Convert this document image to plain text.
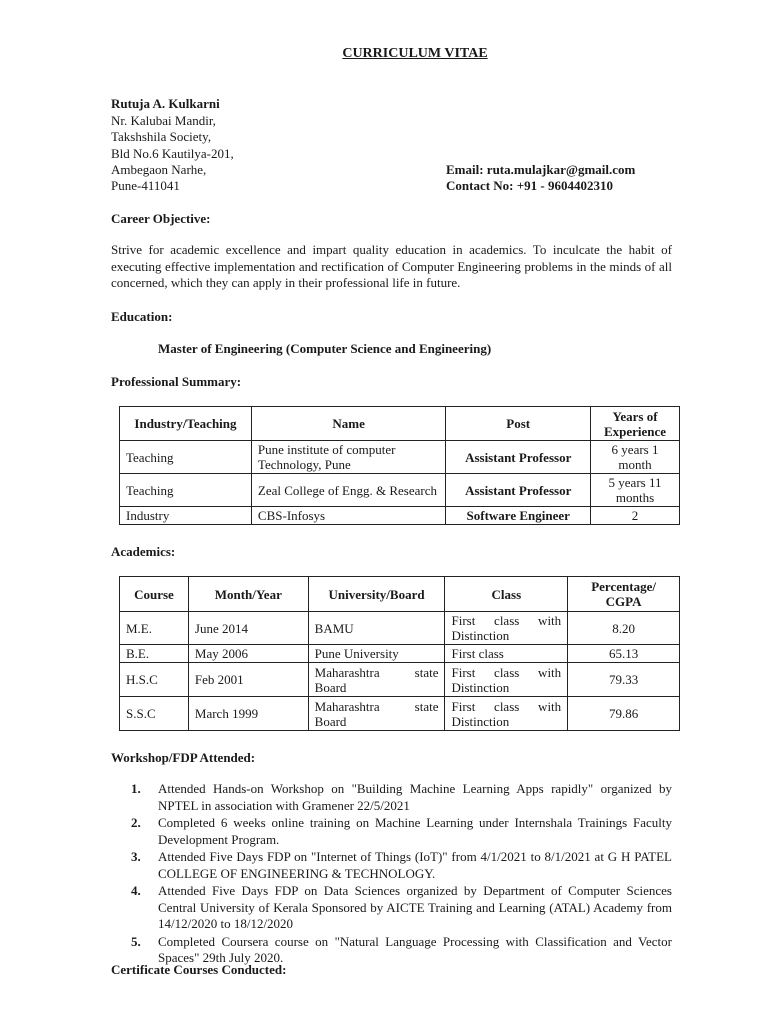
CURRICULUM VITAE
Rutuja A. Kulkarni
Nr. Kalubai Mandir,
Takshshila Society,
Bld No.6 Kautilya-201,
Ambegaon Narhe,
Pune-411041
Email: ruta.mulajkar@gmail.com
Contact No: +91 - 9604402310
Career Objective:
Strive for academic excellence and impart quality education in academics. To inculcate the habit of executing effective implementation and rectification of Computer Engineering problems in the minds of all concerned, which they can apply in their professional life in future.
Education:
Master of Engineering (Computer Science and Engineering)
Professional Summary:
Industry/Teaching	Name	Post	Years of Experience
Teaching	Pune institute of computer Technology, Pune	Assistant Professor	6 years 1 month
Teaching	Zeal College of Engg. & Research	Assistant Professor	5 years 11 months
Industry	CBS-Infosys	Software Engineer	2
Academics:
Course	Month/Year	University/Board	Class	Percentage/ CGPA
M.E.	June 2014	BAMU	First class with Distinction	8.20
B.E.	May 2006	Pune University	First class	65.13
H.S.C	Feb 2001	Maharashtra state Board	First class with Distinction	79.33
S.S.C	March 1999	Maharashtra state Board	First class with Distinction	79.86
Workshop/FDP Attended:
1. Attended Hands-on Workshop on "Building Machine Learning Apps rapidly" organized by NPTEL in association with Gramener 22/5/2021
2. Completed 6 weeks online training on Machine Learning under Internshala Trainings Faculty Development Program.
3. Attended Five Days FDP on "Internet of Things (IoT)" from 4/1/2021 to 8/1/2021 at G H PATEL COLLEGE OF ENGINEERING & TECHNOLOGY.
4. Attended Five Days FDP on Data Sciences organized by Department of Computer Sciences Central University of Kerala Sponsored by AICTE Training and Learning (ATAL) Academy from 14/12/2020 to 18/12/2020
5. Completed Coursera course on "Natural Language Processing with Classification and Vector Spaces" 29th July 2020.
Certificate Courses Conducted:
